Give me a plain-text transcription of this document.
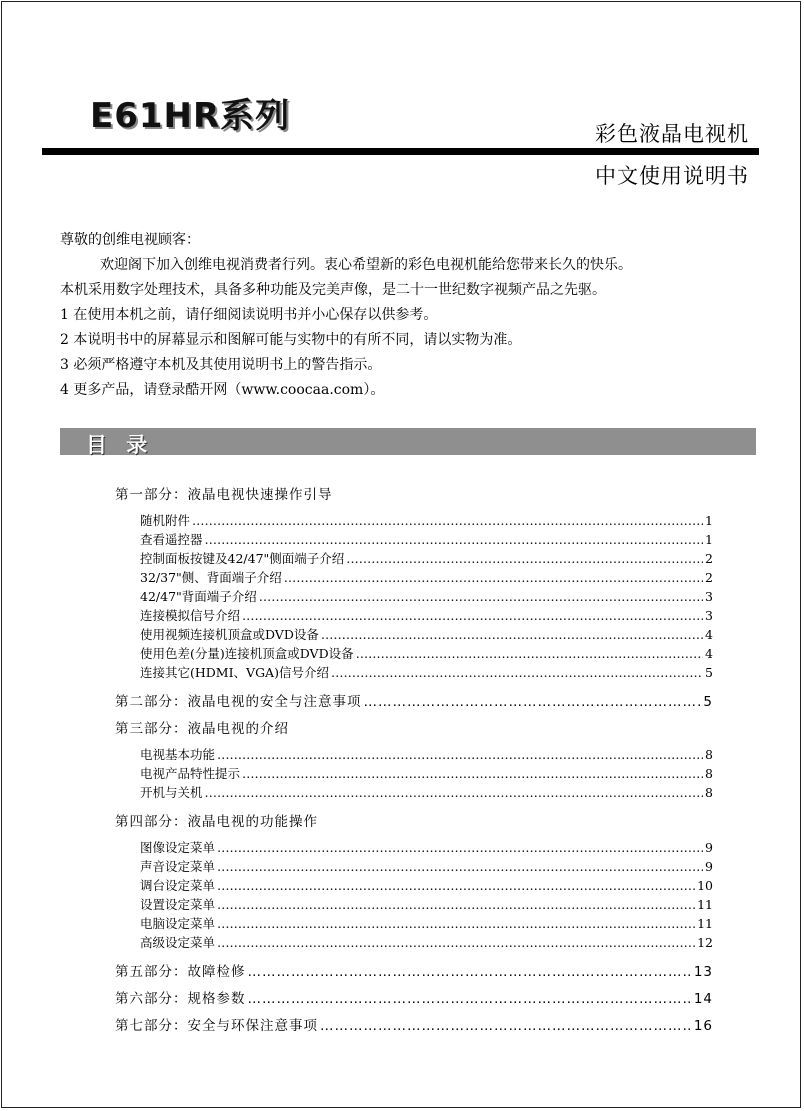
E61HR系列	彩色液晶电视机
中文使用说明书

尊敬的创维电视顾客：

欢迎阁下加入创维电视消费者行列。衷心希望新的彩色电视机能给您带来长久的快乐。

本机采用数字处理技术，具备多种功能及完美声像，是二十一世纪数字视频产品之先驱。

1 在使用本机之前，请仔细阅读说明书并小心保存以供参考。

2 本说明书中的屏幕显示和图解可能与实物中的有所不同，请以实物为准。

3 必须严格遵守本机及其使用说明书上的警告指示。

4 更多产品，请登录酷开网（www.coocaa.com）。

目 录
第一部分：液晶电视快速操作引导
随机附件 ……………………………………………………………………………………………………………………………………………………………………………	1
查看遥控器 ……………………………………………………………………………………………………………………………………………………………………………	1
控制面板按键及42/47"侧面端子介绍 ……………………………………………………………………………………………………………………………………………………………………………	2
32/37"侧、背面端子介绍 ……………………………………………………………………………………………………………………………………………………………………………	2
42/47"背面端子介绍 ……………………………………………………………………………………………………………………………………………………………………………	3
连接模拟信号介绍 ……………………………………………………………………………………………………………………………………………………………………………	3
使用视频连接机顶盒或DVD设备 ……………………………………………………………………………………………………………………………………………………………………………	4
使用色差(分量)连接机顶盒或DVD设备 ……………………………………………………………………………………………………………………………………………………………………………	4
连接其它(HDMI、VGA)信号介绍 ……………………………………………………………………………………………………………………………………………………………………………	5
第二部分：液晶电视的安全与注意事项 ……………………………………………………………………………………………………………………………………………………………………………	5
第三部分：液晶电视的介绍
电视基本功能 ……………………………………………………………………………………………………………………………………………………………………………	8
电视产品特性提示 ……………………………………………………………………………………………………………………………………………………………………………	8
开机与关机 ……………………………………………………………………………………………………………………………………………………………………………	8
第四部分：液晶电视的功能操作
图像设定菜单 ……………………………………………………………………………………………………………………………………………………………………………	9
声音设定菜单 ……………………………………………………………………………………………………………………………………………………………………………	9
调台设定菜单 ……………………………………………………………………………………………………………………………………………………………………………	10
设置设定菜单 ……………………………………………………………………………………………………………………………………………………………………………	11
电脑设定菜单 ……………………………………………………………………………………………………………………………………………………………………………	11
高级设定菜单 ……………………………………………………………………………………………………………………………………………………………………………	12
第五部分：故障检修 ……………………………………………………………………………………………………………………………………………………………………………	13
第六部分：规格参数 ……………………………………………………………………………………………………………………………………………………………………………	14
第七部分：安全与环保注意事项 ……………………………………………………………………………………………………………………………………………………………………………	16
